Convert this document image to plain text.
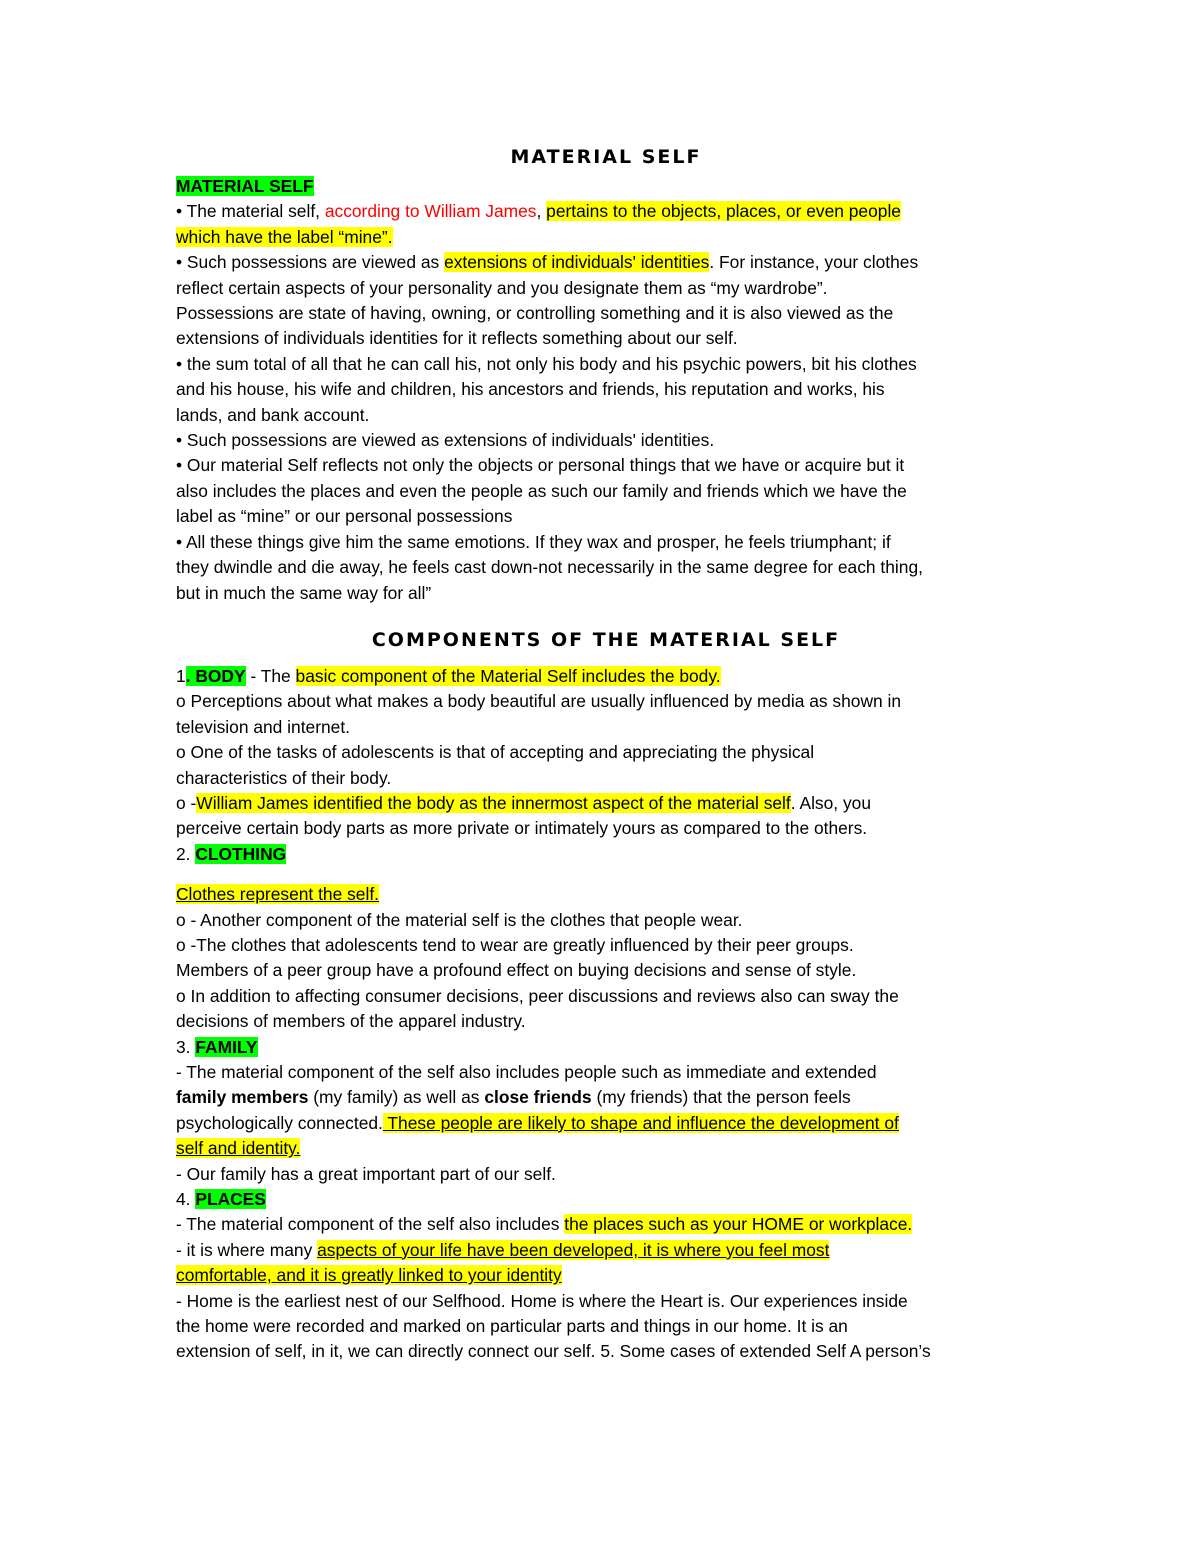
MATERIAL SELF
MATERIAL SELF
• The material self, according to William James, pertains to the objects, places, or even people
which have the label “mine”.
• Such possessions are viewed as extensions of individuals' identities. For instance, your clothes
reflect certain aspects of your personality and you designate them as “my wardrobe”.
Possessions are state of having, owning, or controlling something and it is also viewed as the
extensions of individuals identities for it reflects something about our self.
• the sum total of all that he can call his, not only his body and his psychic powers, bit his clothes
and his house, his wife and children, his ancestors and friends, his reputation and works, his
lands, and bank account.
• Such possessions are viewed as extensions of individuals' identities.
• Our material Self reflects not only the objects or personal things that we have or acquire but it
also includes the places and even the people as such our family and friends which we have the
label as “mine” or our personal possessions
• All these things give him the same emotions. If they wax and prosper, he feels triumphant; if
they dwindle and die away, he feels cast down-not necessarily in the same degree for each thing,
but in much the same way for all”
COMPONENTS OF THE MATERIAL SELF
1. BODY - The basic component of the Material Self includes the body.
o Perceptions about what makes a body beautiful are usually influenced by media as shown in
television and internet.
o One of the tasks of adolescents is that of accepting and appreciating the physical
characteristics of their body.
o -William James identified the body as the innermost aspect of the material self. Also, you
perceive certain body parts as more private or intimately yours as compared to the others.
2. CLOTHING
Clothes represent the self.
o - Another component of the material self is the clothes that people wear.
o -The clothes that adolescents tend to wear are greatly influenced by their peer groups.
Members of a peer group have a profound effect on buying decisions and sense of style.
o In addition to affecting consumer decisions, peer discussions and reviews also can sway the
decisions of members of the apparel industry.
3. FAMILY
- The material component of the self also includes people such as immediate and extended
family members (my family) as well as close friends (my friends) that the person feels
psychologically connected. These people are likely to shape and influence the development of
self and identity.
- Our family has a great important part of our self.
4. PLACES
- The material component of the self also includes the places such as your HOME or workplace.
- it is where many aspects of your life have been developed, it is where you feel most
comfortable, and it is greatly linked to your identity
- Home is the earliest nest of our Selfhood. Home is where the Heart is. Our experiences inside
the home were recorded and marked on particular parts and things in our home. It is an
extension of self, in it, we can directly connect our self. 5. Some cases of extended Self A person’s
